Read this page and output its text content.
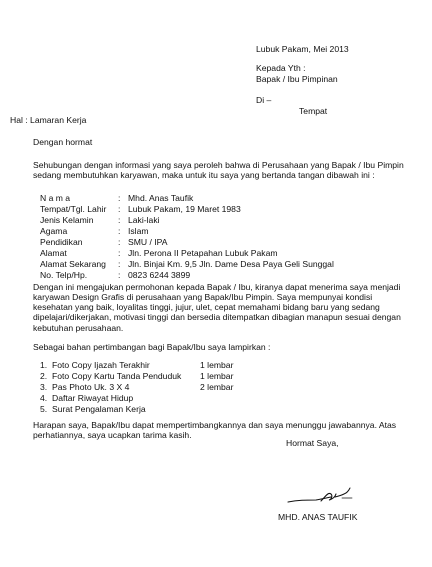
Lubuk Pakam, Mei 2013
Kepada Yth :
Bapak / Ibu Pimpinan
Di –
Tempat
Hal : Lamaran Kerja
Dengan hormat
Sehubungan dengan informasi yang saya peroleh bahwa di Perusahaan yang Bapak / Ibu Pimpin sedang membutuhkan karyawan, maka untuk itu saya yang bertanda tangan dibawah ini :
N a m a	: Mhd. Anas Taufik
Tempat/Tgl. Lahir	: Lubuk Pakam, 19 Maret 1983
Jenis Kelamin	: Laki-laki
Agama	: Islam
Pendidikan	: SMU / IPA
Alamat	: Jln. Perona II Petapahan Lubuk Pakam
Alamat Sekarang	: Jln. Binjai Km. 9,5 Jln. Dame Desa Paya Geli Sunggal
No. Telp/Hp.	: 0823 6244 3899
Dengan ini mengajukan permohonan kepada Bapak / Ibu, kiranya dapat menerima saya menjadi karyawan Design Grafis di perusahaan yang Bapak/Ibu Pimpin. Saya mempunyai kondisi kesehatan yang baik, loyalitas tinggi, jujur, ulet, cepat memahami bidang baru yang sedang dipelajari/dikerjakan, motivasi tinggi dan bersedia ditempatkan dibagian manapun sesuai dengan kebutuhan perusahaan.
Sebagai bahan pertimbangan bagi Bapak/Ibu saya lampirkan :
1. Foto Copy Ijazah Terakhir	1 lembar
2. Foto Copy Kartu Tanda Penduduk	1 lembar
3. Pas Photo Uk. 3 X 4	2 lembar
4. Daftar Riwayat Hidup
5. Surat Pengalaman Kerja
Harapan saya, Bapak/Ibu dapat mempertimbangkannya dan saya menunggu jawabannya. Atas perhatiannya, saya ucapkan tarima kasih.
Hormat Saya,
MHD. ANAS TAUFIK
